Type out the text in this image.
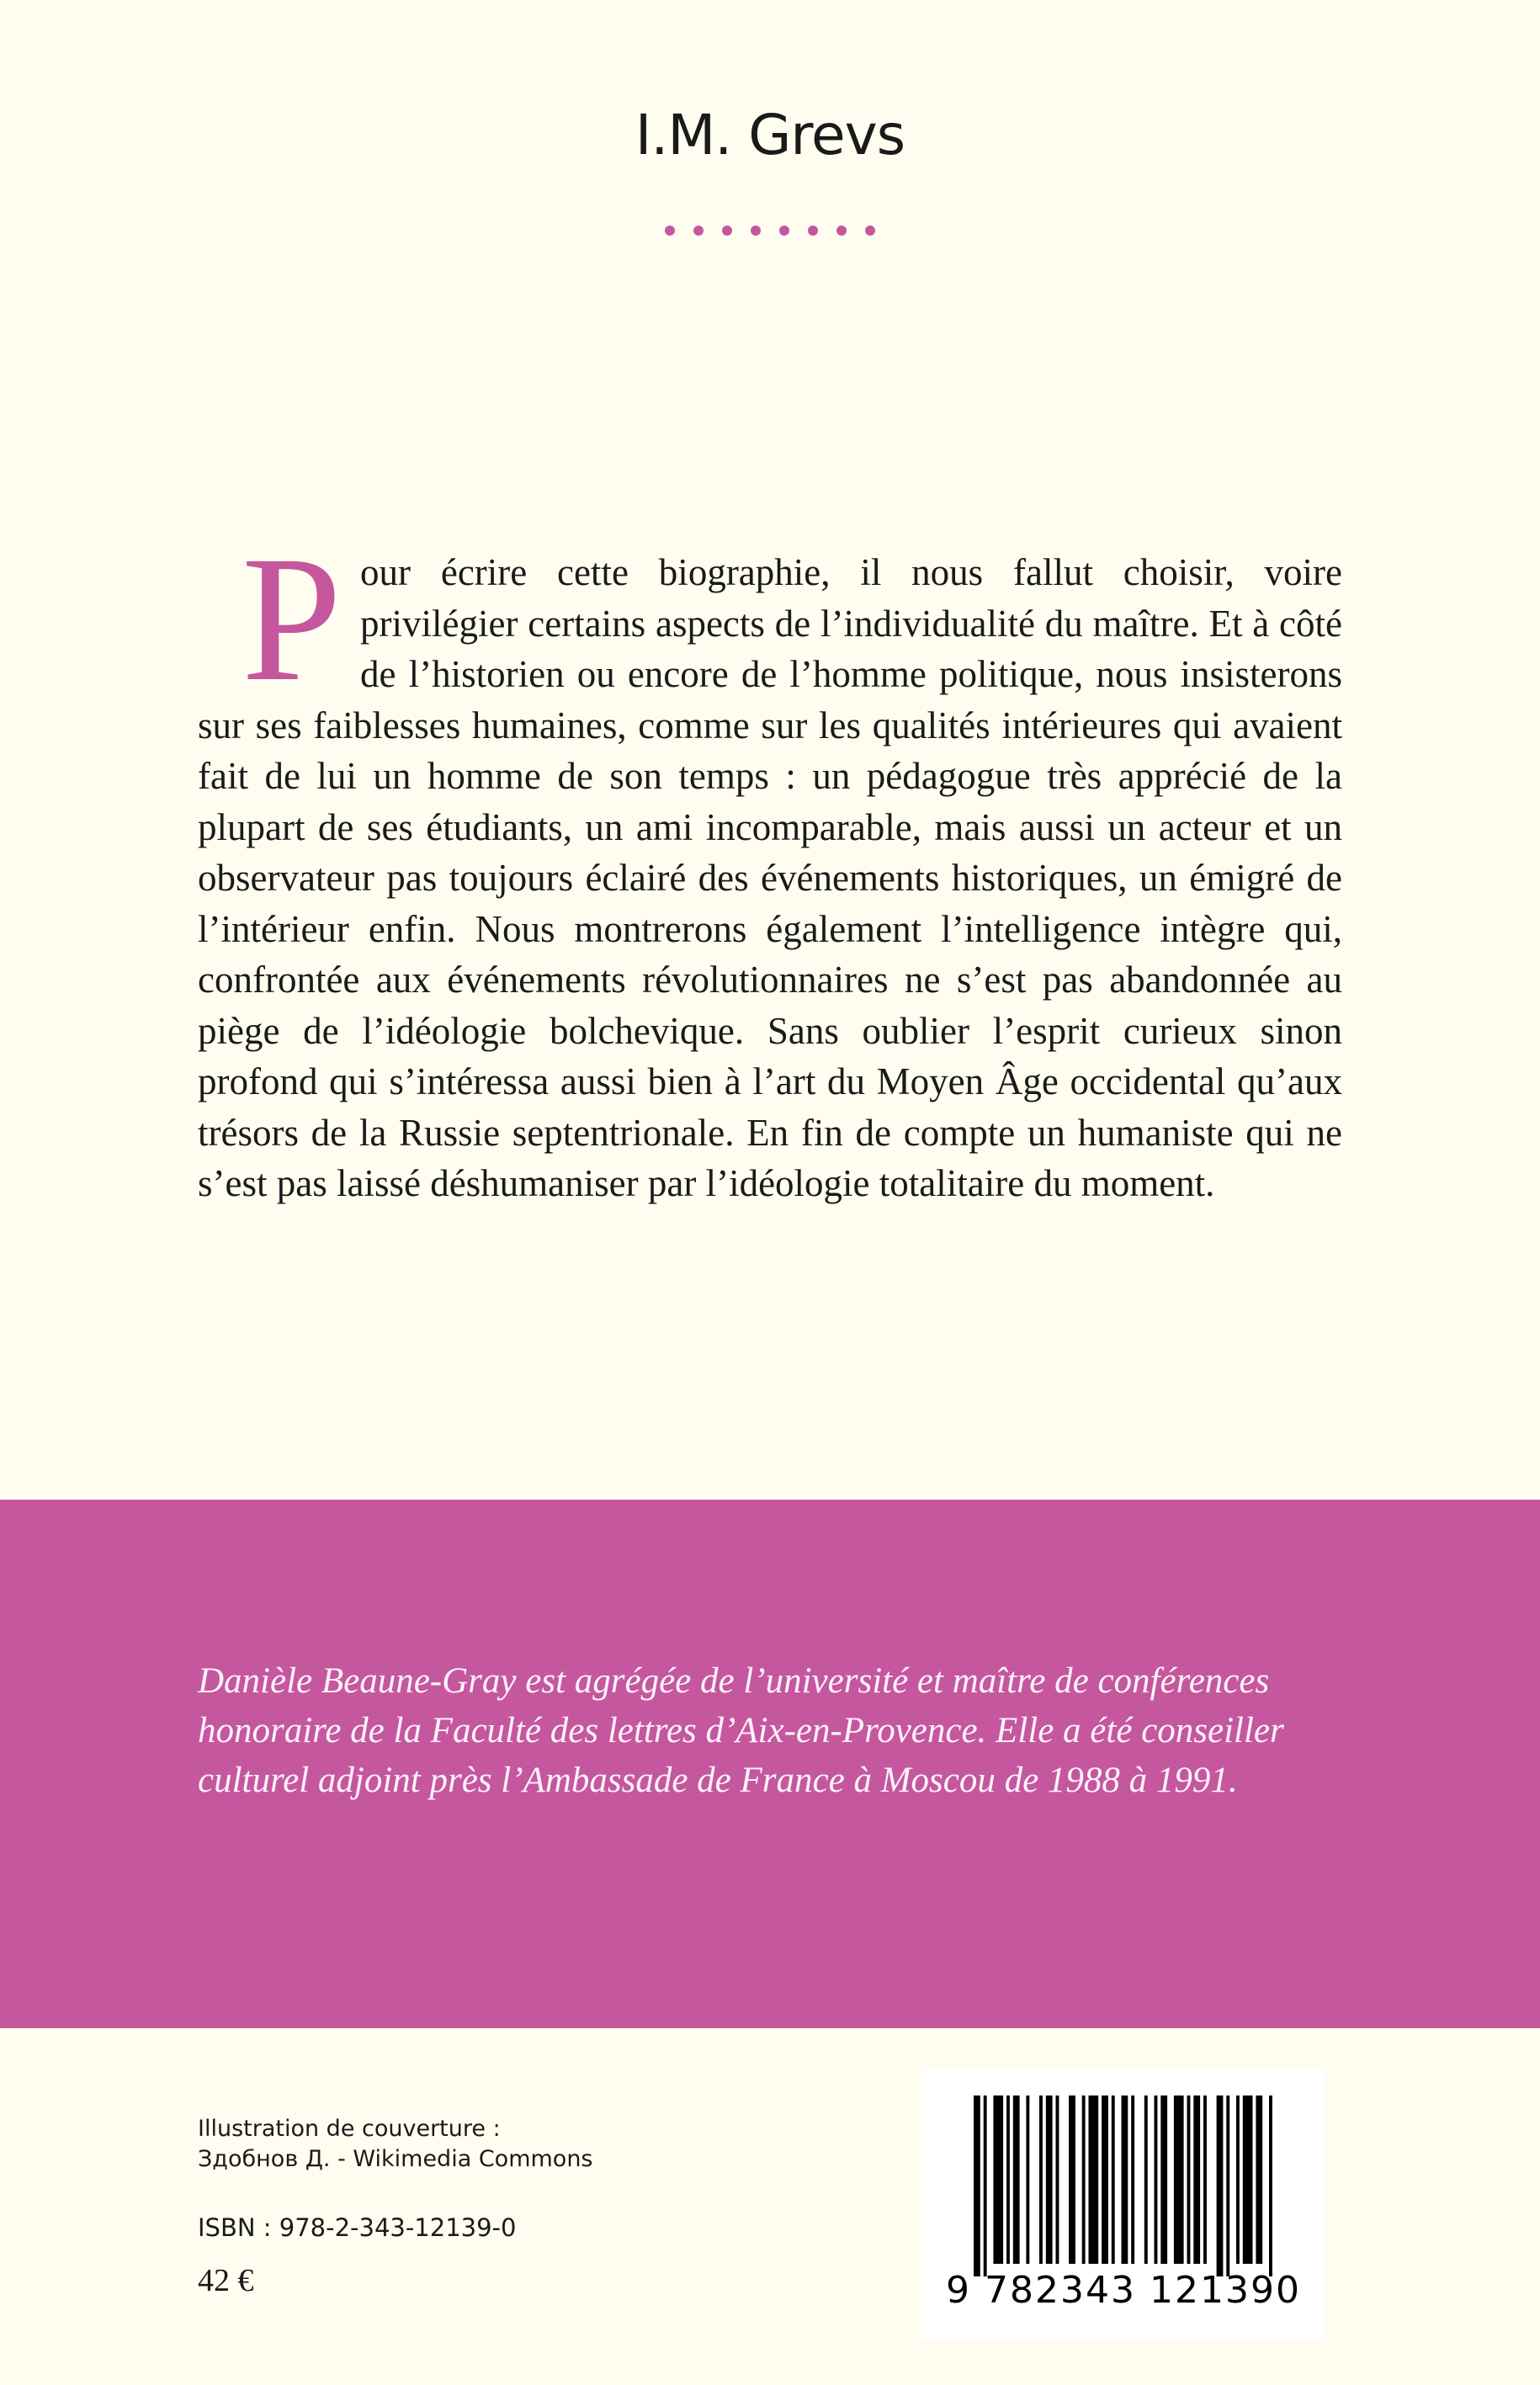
I.M. Grevs

Pour écrire cette biographie, il nous fallut choisir, voire privilégier certains aspects de l’individualité du maître. Et à côté de l’historien ou encore de l’homme politique, nous insisterons sur ses faiblesses humaines, comme sur les qualités intérieures qui avaient fait de lui un homme de son temps : un pédagogue très apprécié de la plupart de ses étudiants, un ami incomparable, mais aussi un acteur et un observateur pas toujours éclairé des événements historiques, un émigré de l’intérieur enfin. Nous montrerons également l’intelligence intègre qui, confrontée aux événements révolutionnaires ne s’est pas abandonnée au piège de l’idéologie bolchevique. Sans oublier l’esprit curieux sinon profond qui s’intéressa aussi bien à l’art du Moyen Âge occidental qu’aux trésors de la Russie septentrionale. En fin de compte un humaniste qui ne s’est pas laissé déshumaniser par l’idéologie totalitaire du moment.

Danièle Beaune-Gray est agrégée de l’université et maître de conférences
honoraire de la Faculté des lettres d’Aix-en-Provence. Elle a été conseiller
culturel adjoint près l’Ambassade de France à Moscou de 1988 à 1991.

Illustration de couverture :
Здобнов Д. - Wikimedia Commons
ISBN : 978-2-343-12139-0
42 €	9 782343 121390
